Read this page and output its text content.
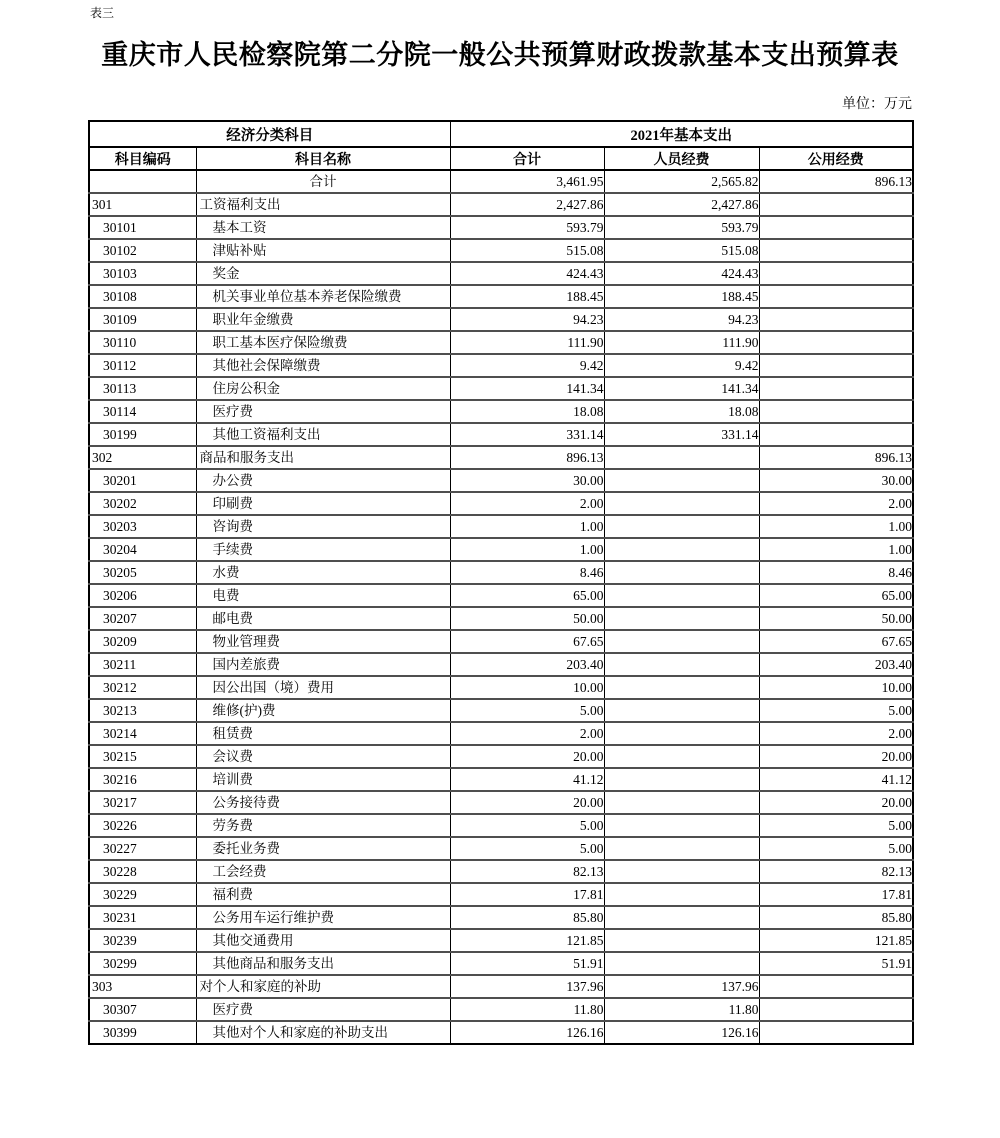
表三
重庆市人民检察院第二分院一般公共预算财政拨款基本支出预算表
单位：万元
经济分类科目		2021年基本支出		
科目编码	科目名称	合计	人员经费	公用经费
	合计	3,461.95	2,565.82	896.13
301	工资福利支出	2,427.86	2,427.86	
30101	基本工资	593.79	593.79	
30102	津贴补贴	515.08	515.08	
30103	奖金	424.43	424.43	
30108	机关事业单位基本养老保险缴费	188.45	188.45	
30109	职业年金缴费	94.23	94.23	
30110	职工基本医疗保险缴费	111.90	111.90	
30112	其他社会保障缴费	9.42	9.42	
30113	住房公积金	141.34	141.34	
30114	医疗费	18.08	18.08	
30199	其他工资福利支出	331.14	331.14	
302	商品和服务支出	896.13		896.13
30201	办公费	30.00		30.00
30202	印刷费	2.00		2.00
30203	咨询费	1.00		1.00
30204	手续费	1.00		1.00
30205	水费	8.46		8.46
30206	电费	65.00		65.00
30207	邮电费	50.00		50.00
30209	物业管理费	67.65		67.65
30211	国内差旅费	203.40		203.40
30212	因公出国（境）费用	10.00		10.00
30213	维修(护)费	5.00		5.00
30214	租赁费	2.00		2.00
30215	会议费	20.00		20.00
30216	培训费	41.12		41.12
30217	公务接待费	20.00		20.00
30226	劳务费	5.00		5.00
30227	委托业务费	5.00		5.00
30228	工会经费	82.13		82.13
30229	福利费	17.81		17.81
30231	公务用车运行维护费	85.80		85.80
30239	其他交通费用	121.85		121.85
30299	其他商品和服务支出	51.91		51.91
303	对个人和家庭的补助	137.96	137.96	
30307	医疗费	11.80	11.80	
30399	其他对个人和家庭的补助支出	126.16	126.16	
